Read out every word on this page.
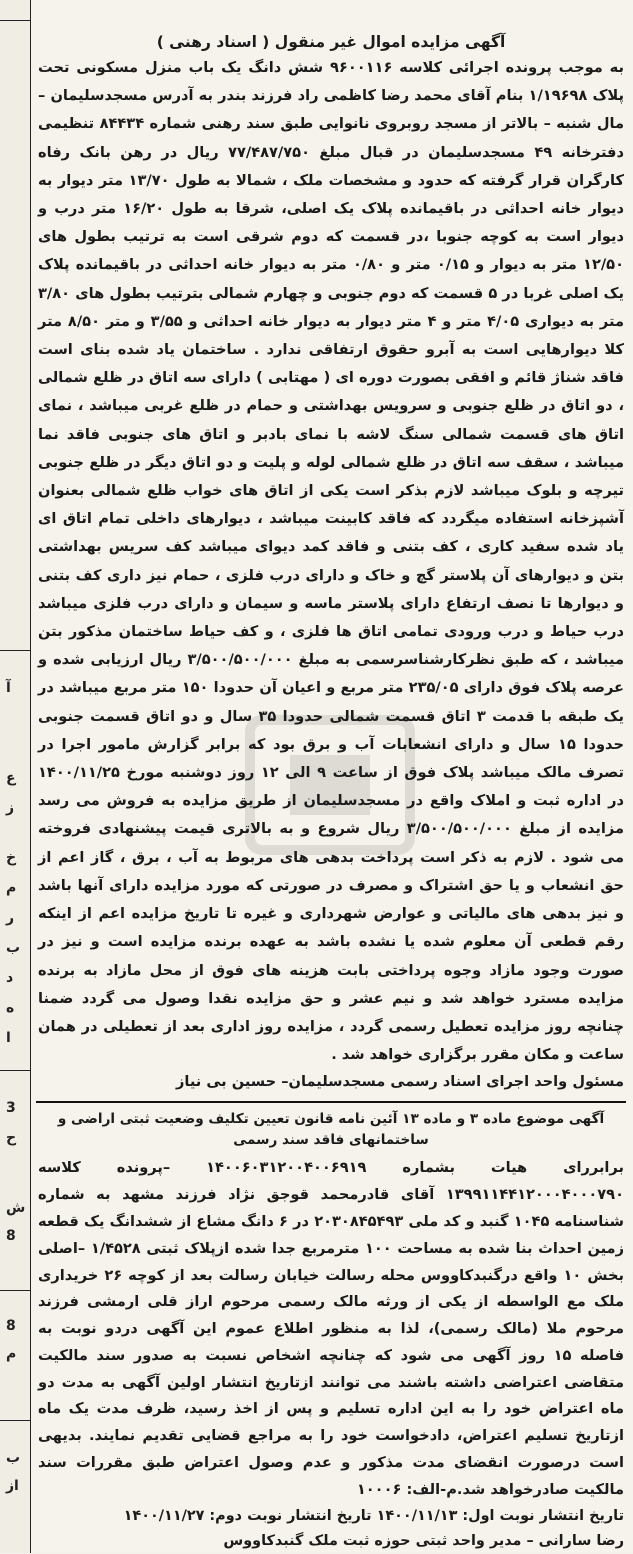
ع
ز
آ
خ
م
ر
ب
د
ه
ا
3
ح
ش
8
8
م
ب
از
آگهی مزایده اموال غیر منقول ( اسناد رهنی )

به موجب پرونده اجرائی کلاسه ۹۶۰۰۱۱۶ شش دانگ یک باب منزل مسکونی تحت پلاک ۱/۱۹۶۹۸ بنام آقای محمد رضا کاظمی راد فرزند بندر به آدرس مسجدسلیمان – مال شنبه – بالاتر از مسجد روبروی نانوایی طبق سند رهنی شماره ۸۴۴۳۴ تنظیمی دفترخانه ۴۹ مسجدسلیمان در قبال مبلغ ۷۷/۴۸۷/۷۵۰ ریال در رهن بانک رفاه کارگران قرار گرفته که حدود و مشخصات ملک ، شمالا به طول ۱۳/۷۰ متر دیوار به دیوار خانه احداثی در باقیمانده پلاک یک اصلی، شرقا به طول ۱۶/۲۰ متر درب و دیوار است به کوچه جنوبا ،در قسمت که دوم شرقی است به ترتیب بطول های ۱۲/۵۰ متر به دیوار و ۰/۱۵ متر و ۰/۸۰ متر به دیوار خانه احداثی در باقیمانده پلاک یک اصلی غربا در ۵ قسمت که دوم جنوبی و چهارم شمالی بترتیب بطول های ۳/۸۰ متر به دیواری ۴/۰۵ متر و ۴ متر دیوار به دیوار خانه احداثی و ۳/۵۵ و متر ۸/۵۰ متر کلا دیوارهایی است به آبرو حقوق ارتفاقی ندارد . ساختمان یاد شده بنای است فاقد شناژ قائم و افقی بصورت دوره ای ( مهتابی ) دارای سه اتاق در ظلع شمالی ، دو اتاق در ظلع جنوبی و سرویس بهداشتی و حمام در ظلع غربی میباشد ، نمای اتاق های قسمت شمالی سنگ لاشه با نمای بادبر و اتاق های جنوبی فاقد نما میباشد ، سقف سه اتاق در ظلع شمالی لوله و پلیت و دو اتاق دیگر در ظلع جنوبی تیرچه و بلوک میباشد لازم بذکر است یکی از اتاق های خواب ظلع شمالی بعنوان آشپزخانه استفاده میگردد که فاقد کابینت میباشد ، دیوارهای داخلی تمام اتاق ای یاد شده سفید کاری ، کف بتنی و فاقد کمد دیوای میباشد کف سریس بهداشتی بتن و دیوارهای آن پلاستر گچ و خاک و دارای درب فلزی ، حمام نیز داری کف بتنی و دیوارها تا نصف ارتفاع دارای پلاستر ماسه و سیمان و دارای درب فلزی میباشد درب حیاط و درب ورودی تمامی اتاق ها فلزی ، و کف حیاط ساختمان مذکور بتن میباشد ، که طبق نظرکارشناسرسمی به مبلغ ۳/۵۰۰/۵۰۰/۰۰۰ ریال ارزیابی شده و عرصه پلاک فوق دارای ۲۳۵/۰۵ متر مربع و اعیان آن حدودا ۱۵۰ متر مربع میباشد در یک طبقه با قدمت ۳ اتاق قسمت شمالی حدودا ۳۵ سال و دو اتاق قسمت جنوبی حدودا ۱۵ سال و دارای انشعابات آب و برق بود که برابر گزارش مامور اجرا در تصرف مالک میباشد پلاک فوق از ساعت ۹ الی ۱۲ روز دوشنبه مورخ ۱۴۰۰/۱۱/۲۵ در اداره ثبت و املاک واقع در مسجدسلیمان از طریق مزایده به فروش می رسد مزایده از مبلغ ۳/۵۰۰/۵۰۰/۰۰۰ ریال شروع و به بالاتری قیمت پیشنهادی فروخته می شود . لازم به ذکر است پرداخت بدهی های مربوط به آب ، برق ، گاز اعم از حق انشعاب و یا حق اشتراک و مصرف در صورتی که مورد مزایده دارای آنها باشد و نیز بدهی های مالیاتی و عوارض شهرداری و غیره تا تاریخ مزایده اعم از اینکه رقم قطعی آن معلوم شده یا نشده باشد به عهده برنده مزایده است و نیز در صورت وجود مازاد وجوه پرداختی بابت هزینه های فوق از محل مازاد به برنده مزایده مسترد خواهد شد و نیم عشر و حق مزایده نقدا وصول می گردد ضمنا چنانچه روز مزایده تعطیل رسمی گردد ، مزایده روز اداری بعد از تعطیلی در همان ساعت و مکان مقرر برگزاری خواهد شد .

مسئول واحد اجرای اسناد رسمی مسجدسلیمان– حسین بی نیاز

آگهی موضوع ماده ۳ و ماده ۱۳ آئین نامه قانون تعیین تکلیف وضعیت ثبتی اراضی و ساختمانهای فاقد سند رسمی

برابررای هیات بشماره ۱۴۰۰۶۰۳۱۲۰۰۴۰۰۶۹۱۹ –پرونده کلاسه ۱۳۹۹۱۱۴۴۱۲۰۰۰۴۰۰۰۷۹۰ آقای قادرمحمد قوجق نژاد فرزند مشهد به شماره شناسنامه ۱۰۴۵ گنبد و کد ملی ۲۰۳۰۸۴۵۴۹۳ در ۶ دانگ مشاع از ششدانگ یک قطعه زمین احداث بنا شده به مساحت ۱۰۰ مترمربع جدا شده ازپلاک ثبتی ۱/۴۵۲۸ –اصلی بخش ۱۰ واقع درگنبدکاووس محله رسالت خیابان رسالت بعد از کوچه ۲۶ خریداری ملک مع الواسطه از یکی از ورثه مالک رسمی مرحوم اراز قلی ارمشی فرزند مرحوم ملا (مالک رسمی)، لذا به منظور اطلاع عموم این آگهی دردو نوبت به فاصله ۱۵ روز آگهی می شود که چنانچه اشخاص نسبت به صدور سند مالکیت متقاضی اعتراضی داشته باشند می توانند ازتاریخ انتشار اولین آگهی به مدت دو ماه اعتراض خود را به این اداره تسلیم و پس از اخذ رسید، ظرف مدت یک ماه ازتاریخ تسلیم اعتراض، دادخواست خود را به مراجع قضایی تقدیم نمایند. بدیهی است درصورت انقضای مدت مذکور و عدم وصول اعتراض طبق مقررات سند مالکیت صادرخواهد شد.م-الف: ۱۰۰۰۶

تاریخ انتشار نوبت اول: ۱۴۰۰/۱۱/۱۳ تاریخ انتشار نوبت دوم: ۱۴۰۰/۱۱/۲۷

رضا سارانی – مدیر واحد ثبتی حوزه ثبت ملک گنبدکاووس
